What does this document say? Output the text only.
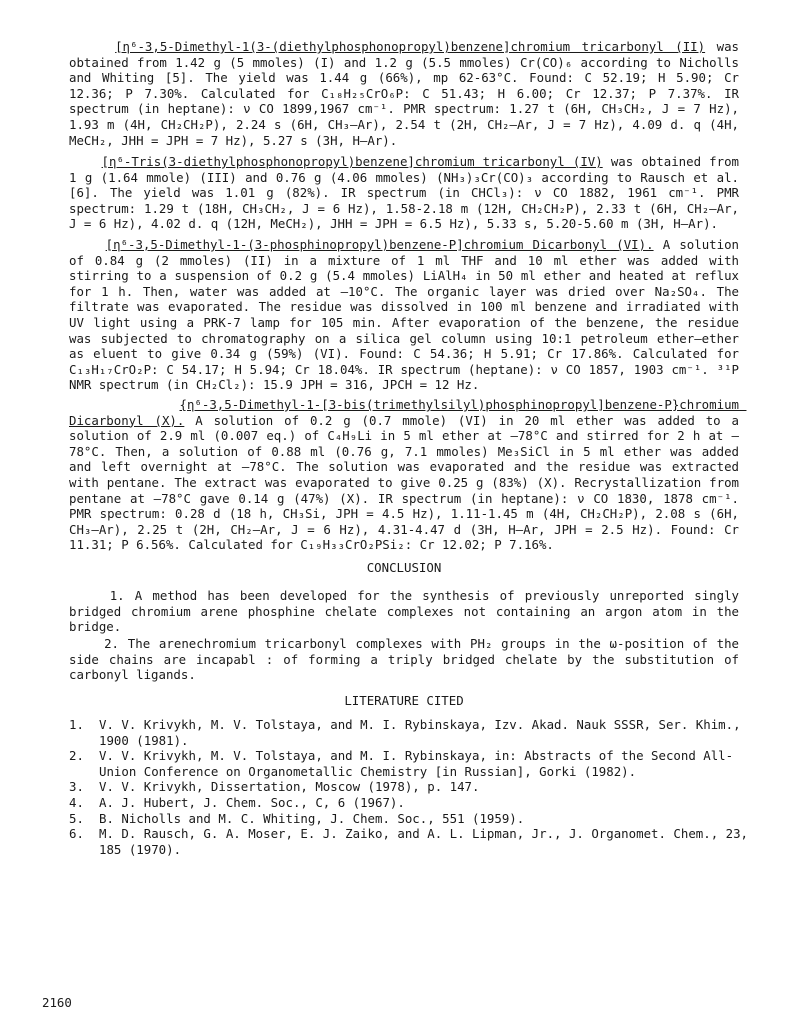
[η⁶-3,5-Dimethyl-1(3-(diethylphosphonopropyl)benzene]chromium tricarbonyl (II) was obtained from 1.42 g (5 mmoles) (I) and 1.2 g (5.5 mmoles) Cr(CO)₆ according to Nicholls and Whiting [5]. The yield was 1.44 g (66%), mp 62-63°C. Found: C 52.19; H 5.90; Cr 12.36; P 7.30%. Calculated for C₁₈H₂₅CrO₆P: C 51.43; H 6.00; Cr 12.37; P 7.37%. IR spectrum (in heptane): ν CO 1899,1967 cm⁻¹. PMR spectrum: 1.27 t (6H, CH₃CH₂, J = 7 Hz), 1.93 m (4H, CH₂CH₂P), 2.24 s (6H, CH₃–Ar), 2.54 t (2H, CH₂–Ar, J = 7 Hz), 4.09 d. q (4H, MeCH₂, JHH = JPH = 7 Hz), 5.27 s (3H, H–Ar).
[η⁶-Tris(3-diethylphosphonopropyl)benzene]chromium tricarbonyl (IV) was obtained from 1 g (1.64 mmole) (III) and 0.76 g (4.06 mmoles) (NH₃)₃Cr(CO)₃ according to Rausch et al. [6]. The yield was 1.01 g (82%). IR spectrum (in CHCl₃): ν CO 1882, 1961 cm⁻¹. PMR spectrum: 1.29 t (18H, CH₃CH₂, J = 6 Hz), 1.58-2.18 m (12H, CH₂CH₂P), 2.33 t (6H, CH₂–Ar, J = 6 Hz), 4.02 d. q (12H, MeCH₂), JHH = JPH = 6.5 Hz), 5.33 s, 5.20-5.60 m (3H, H–Ar).
[η⁶-3,5-Dimethyl-1-(3-phosphinopropyl)benzene-P]chromium Dicarbonyl (VI). A solution of 0.84 g (2 mmoles) (II) in a mixture of 1 ml THF and 10 ml ether was added with stirring to a suspension of 0.2 g (5.4 mmoles) LiAlH₄ in 50 ml ether and heated at reflux for 1 h. Then, water was added at –10°C. The organic layer was dried over Na₂SO₄. The filtrate was evaporated. The residue was dissolved in 100 ml benzene and irradiated with UV light using a PRK-7 lamp for 105 min. After evaporation of the benzene, the residue was subjected to chromatography on a silica gel column using 10:1 petroleum ether–ether as eluent to give 0.34 g (59%) (VI). Found: C 54.36; H 5.91; Cr 17.86%. Calculated for C₁₃H₁₇CrO₂P: C 54.17; H 5.94; Cr 18.04%. IR spectrum (heptane): ν CO 1857, 1903 cm⁻¹. ³¹P NMR spectrum (in CH₂Cl₂): 15.9 JPH = 316, JPCH = 12 Hz.
{η⁶-3,5-Dimethyl-1-[3-bis(trimethylsilyl)phosphinopropyl]benzene-P}chromium Dicarbonyl (X). A solution of 0.2 g (0.7 mmole) (VI) in 20 ml ether was added to a solution of 2.9 ml (0.007 eq.) of C₄H₉Li in 5 ml ether at –78°C and stirred for 2 h at –78°C. Then, a solution of 0.88 ml (0.76 g, 7.1 mmoles) Me₃SiCl in 5 ml ether was added and left overnight at –78°C. The solution was evaporated and the residue was extracted with pentane. The extract was evaporated to give 0.25 g (83%) (X). Recrystallization from pentane at –78°C gave 0.14 g (47%) (X). IR spectrum (in heptane): ν CO 1830, 1878 cm⁻¹. PMR spectrum: 0.28 d (18 h, CH₃Si, JPH = 4.5 Hz), 1.11-1.45 m (4H, CH₂CH₂P), 2.08 s (6H, CH₃–Ar), 2.25 t (2H, CH₂–Ar, J = 6 Hz), 4.31-4.47 d (3H, H–Ar, JPH = 2.5 Hz). Found: Cr 11.31; P 6.56%. Calculated for C₁₉H₃₃CrO₂PSi₂: Cr 12.02; P 7.16%.
CONCLUSION
1. A method has been developed for the synthesis of previously unreported singly bridged chromium arene phosphine chelate complexes not containing an argon atom in the bridge.
2. The arenechromium tricarbonyl complexes with PH₂ groups in the ω-position of the side chains are incapabl : of forming a triply bridged chelate by the substitution of carbonyl ligands.
LITERATURE CITED
1.	V. V. Krivykh, M. V. Tolstaya, and M. I. Rybinskaya, Izv. Akad. Nauk SSSR, Ser. Khim., 1900 (1981).
2.	V. V. Krivykh, M. V. Tolstaya, and M. I. Rybinskaya, in: Abstracts of the Second All-Union Conference on Organometallic Chemistry [in Russian], Gorki (1982).
3.	V. V. Krivykh, Dissertation, Moscow (1978), p. 147.
4.	A. J. Hubert, J. Chem. Soc., C, 6 (1967).
5.	B. Nicholls and M. C. Whiting, J. Chem. Soc., 551 (1959).
6.	M. D. Rausch, G. A. Moser, E. J. Zaiko, and A. L. Lipman, Jr., J. Organomet. Chem., 23, 185 (1970).
2160
